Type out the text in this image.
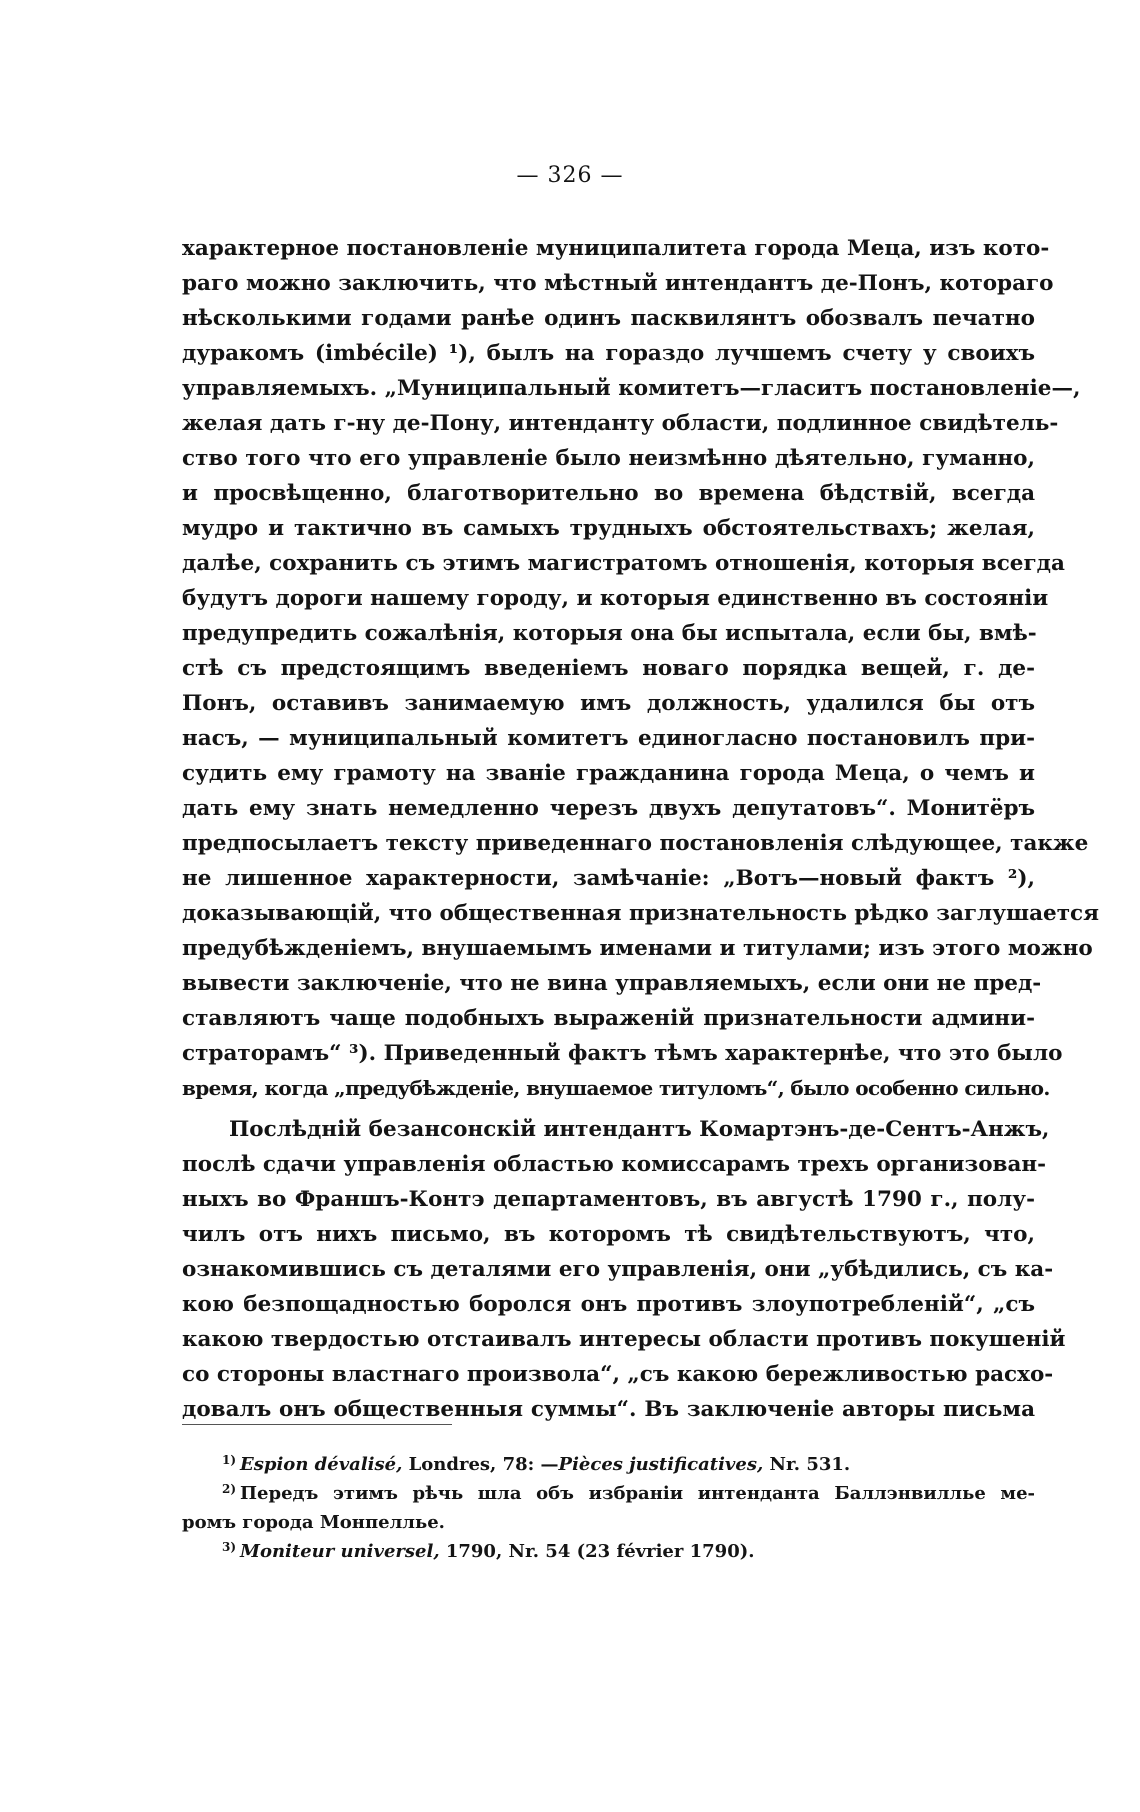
— 326 —
характерное постановленіе муниципалитета города Меца, изъ кото-
раго можно заключить, что мѣстный интендантъ де-Понъ, котораго
нѣсколькими годами ранѣе одинъ пасквилянтъ обозвалъ печатно
дуракомъ (imbécile) ¹), былъ на гораздо лучшемъ счету у своихъ
управляемыхъ. „Муниципальный комитетъ—гласитъ постановленіе—,
желая дать г-ну де-Пону, интенданту области, подлинное свидѣтель-
ство того что его управленіе было неизмѣнно дѣятельно, гуманно,
и просвѣщенно, благотворительно во времена бѣдствій, всегда
мудро и тактично въ самыхъ трудныхъ обстоятельствахъ; желая,
далѣе, сохранить съ этимъ магистратомъ отношенія, которыя всегда
будутъ дороги нашему городу, и которыя единственно въ состояніи
предупредить сожалѣнія, которыя она бы испытала, если бы, вмѣ-
стѣ съ предстоящимъ введеніемъ новаго порядка вещей, г. де-
Понъ, оставивъ занимаемую имъ должность, удалился бы отъ
насъ, — муниципальный комитетъ единогласно постановилъ при-
судить ему грамоту на званіе гражданина города Меца, о чемъ и
дать ему знать немедленно черезъ двухъ депутатовъ“. Монитёръ
предпосылаетъ тексту приведеннаго постановленія слѣдующее, также
не лишенное характерности, замѣчаніе: „Вотъ—новый фактъ ²),
доказывающій, что общественная признательность рѣдко заглушается
предубѣжденіемъ, внушаемымъ именами и титулами; изъ этого можно
вывести заключеніе, что не вина управляемыхъ, если они не пред-
ставляютъ чаще подобныхъ выраженій признательности админи-
страторамъ“ ³). Приведенный фактъ тѣмъ характернѣе, что это было
время, когда „предубѣжденіе, внушаемое титуломъ“, было особенно сильно.
Послѣдній безансонскій интендантъ Комартэнъ-де-Сентъ-Анжъ,
послѣ сдачи управленія областью комиссарамъ трехъ организован-
ныхъ во Франшъ-Контэ департаментовъ, въ августѣ 1790 г., полу-
чилъ отъ нихъ письмо, въ которомъ тѣ свидѣтельствуютъ, что,
ознакомившись съ деталями его управленія, они „убѣдились, съ ка-
кою безпощадностью боролся онъ противъ злоупотребленій“, „съ
какою твердостью отстаивалъ интересы области противъ покушеній
со стороны властнаго произвола“, „съ какою бережливостью расхо-
довалъ онъ общественныя суммы“. Въ заключеніе авторы письма
$^{1)}$ Espion dévalisé, Londres, 78: —Pièces justificatives, Nr. 531.
$^{2)}$ Передъ этимъ рѣчь шла объ избраніи интенданта Баллэнвиллье ме-
ромъ города Монпеллье.
$^{3)}$ Moniteur universel, 1790, Nr. 54 (23 février 1790).
